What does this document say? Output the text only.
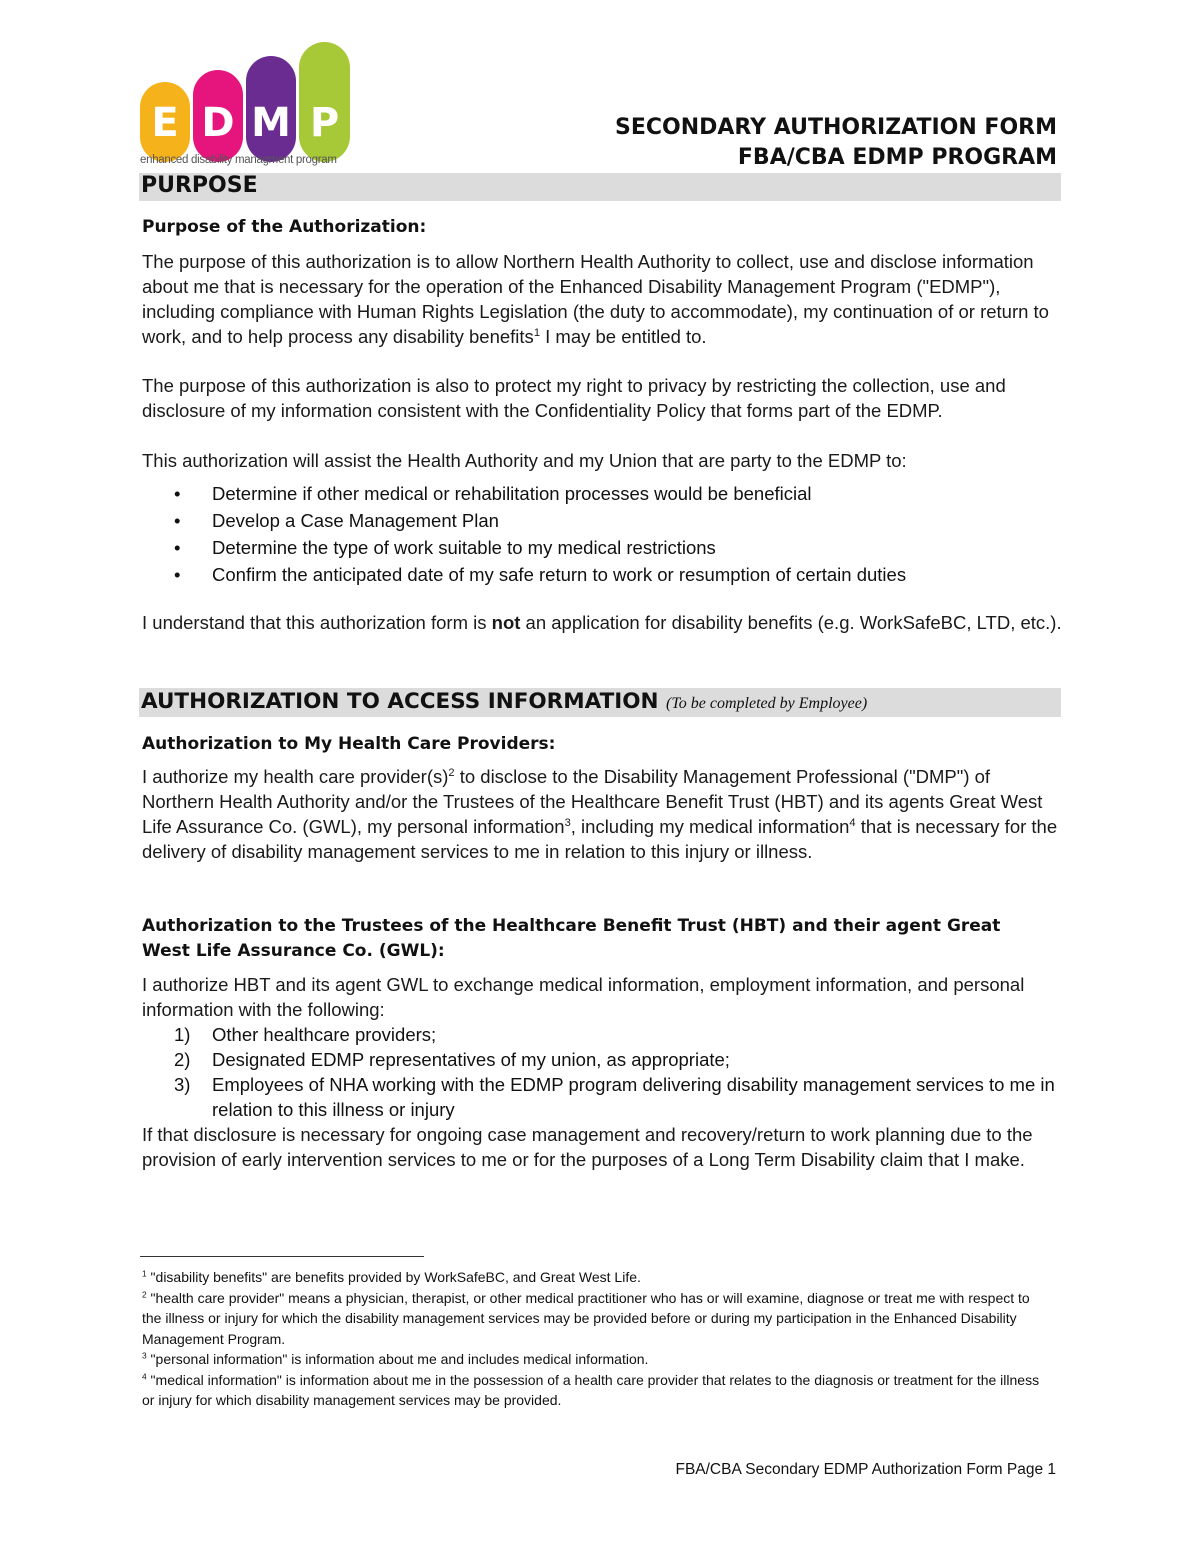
E D M P
enhanced disability managment program
SECONDARY AUTHORIZATION FORM
FBA/CBA EDMP PROGRAM
PURPOSE
Purpose of the Authorization:

The purpose of this authorization is to allow Northern Health Authority to collect, use and disclose information about me that is necessary for the operation of the Enhanced Disability Management Program ("EDMP"), including compliance with Human Rights Legislation (the duty to accommodate), my continuation of or return to work, and to help process any disability benefits$^1$ I may be entitled to.

The purpose of this authorization is also to protect my right to privacy by restricting the collection, use and disclosure of my information consistent with the Confidentiality Policy that forms part of the EDMP.

This authorization will assist the Health Authority and my Union that are party to the EDMP to:

• Determine if other medical or rehabilitation processes would be beneficial
• Develop a Case Management Plan
• Determine the type of work suitable to my medical restrictions
• Confirm the anticipated date of my safe return to work or resumption of certain duties

I understand that this authorization form is not an application for disability benefits (e.g. WorkSafeBC, LTD, etc.).

AUTHORIZATION TO ACCESS INFORMATION (To be completed by Employee)
Authorization to My Health Care Providers:

I authorize my health care $provider(s)^2$ to disclose to the Disability Management Professional ("DMP") of Northern Health Authority and/or the Trustees of the Healthcare Benefit Trust (HBT) and its agents Great West Life Assurance Co. (GWL), my personal information$^3$, including my medical information$^4$ that is necessary for the delivery of disability management services to me in relation to this injury or illness.

Authorization to the Trustees of the Healthcare Benefit Trust (HBT) and their agent Great West Life Assurance Co. (GWL):

I authorize HBT and its agent GWL to exchange medical information, employment information, and personal information with the following:

1) Other healthcare providers;
2) Designated EDMP representatives of my union, as appropriate;
3) Employees of NHA working with the EDMP program delivering disability management services to me in relation to this illness or injury

If that disclosure is necessary for ongoing case management and recovery/return to work planning due to the provision of early intervention services to me or for the purposes of a Long Term Disability claim that I make.

$^1$ "disability benefits" are benefits provided by WorkSafeBC, and Great West Life.

$^2$ "health care provider" means a physician, therapist, or other medical practitioner who has or will examine, diagnose or treat me with respect to the illness or injury for which the disability management services may be provided before or during my participation in the Enhanced Disability Management Program.

$^3$ "personal information" is information about me and includes medical information.

$^4$ "medical information" is information about me in the possession of a health care provider that relates to the diagnosis or treatment for the illness or injury for which disability management services may be provided.

FBA/CBA Secondary EDMP Authorization Form Page 1
